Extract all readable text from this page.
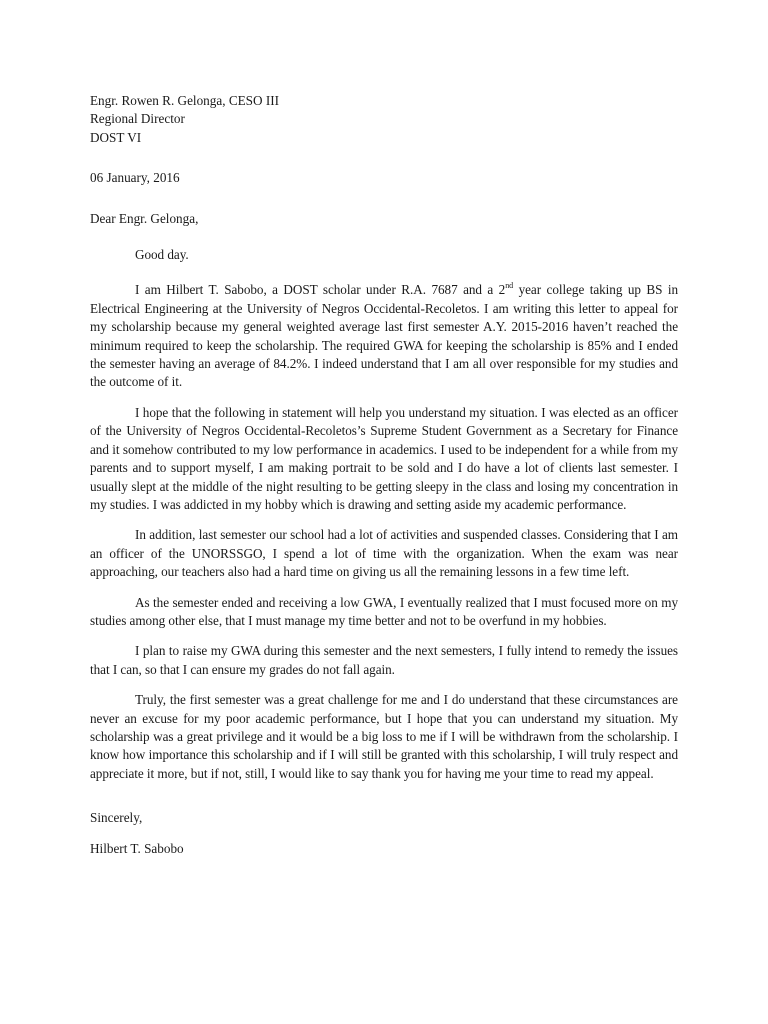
Engr. Rowen R. Gelonga, CESO III
Regional Director
DOST VI
06 January, 2016
Dear Engr. Gelonga,

Good day.

I am Hilbert T. Sabobo, a DOST scholar under R.A. 7687 and a 2nd year college taking up BS in Electrical Engineering at the University of Negros Occidental-Recoletos. I am writing this letter to appeal for my scholarship because my general weighted average last first semester A.Y. 2015-2016 haven’t reached the minimum required to keep the scholarship. The required GWA for keeping the scholarship is 85% and I ended the semester having an average of 84.2%. I indeed understand that I am all over responsible for my studies and the outcome of it.

I hope that the following in statement will help you understand my situation. I was elected as an officer of the University of Negros Occidental-Recoletos’s Supreme Student Government as a Secretary for Finance and it somehow contributed to my low performance in academics. I used to be independent for a while from my parents and to support myself, I am making portrait to be sold and I do have a lot of clients last semester. I usually slept at the middle of the night resulting to be getting sleepy in the class and losing my concentration in my studies. I was addicted in my hobby which is drawing and setting aside my academic performance.

In addition, last semester our school had a lot of activities and suspended classes. Considering that I am an officer of the UNORSSGO, I spend a lot of time with the organization. When the exam was near approaching, our teachers also had a hard time on giving us all the remaining lessons in a few time left.

As the semester ended and receiving a low GWA, I eventually realized that I must focused more on my studies among other else, that I must manage my time better and not to be overfund in my hobbies.

I plan to raise my GWA during this semester and the next semesters, I fully intend to remedy the issues that I can, so that I can ensure my grades do not fall again.

Truly, the first semester was a great challenge for me and I do understand that these circumstances are never an excuse for my poor academic performance, but I hope that you can understand my situation. My scholarship was a great privilege and it would be a big loss to me if I will be withdrawn from the scholarship. I know how importance this scholarship and if I will still be granted with this scholarship, I will truly respect and appreciate it more, but if not, still, I would like to say thank you for having me your time to read my appeal.

Sincerely,
Hilbert T. Sabobo
